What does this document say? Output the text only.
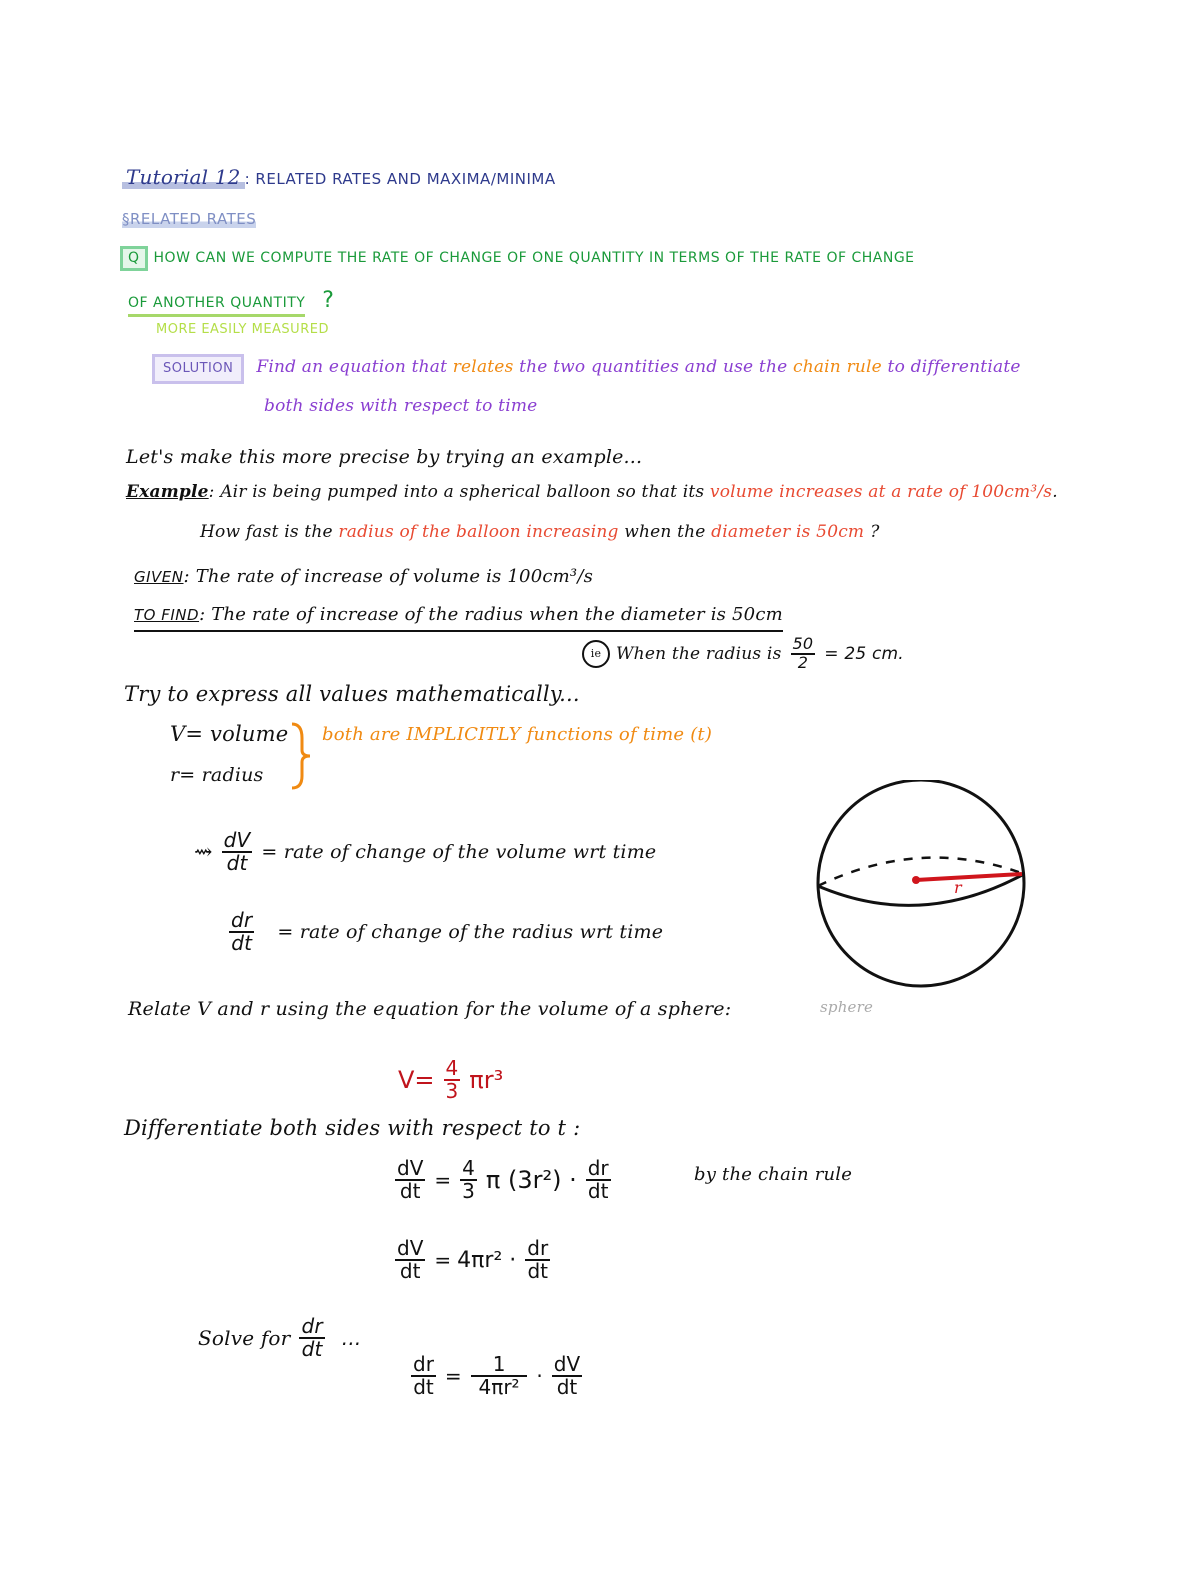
Tutorial 12 : RELATED RATES AND MAXIMA/MINIMA
§RELATED RATES
Q HOW CAN WE COMPUTE THE RATE OF CHANGE OF ONE QUANTITY IN TERMS OF THE RATE OF CHANGE
OF ANOTHER QUANTITY ?
MORE EASILY MEASURED
SOLUTION Find an equation that relates the two quantities and use the chain rule to differentiate
both sides with respect to time
Let's make this more precise by trying an example...
Example: Air is being pumped into a spherical balloon so that its volume increases at a rate of 100cm³/s.
How fast is the radius of the balloon increasing when the diameter is 50cm ?
GIVEN: The rate of increase of volume is 100cm³/s
TO FIND: The rate of increase of the radius when the diameter is 50cm
ie When the radius is $\frac{50}{2} = 25$ cm.
Try to express all values mathematically...
V= volume
r= radius
both are IMPLICITLY functions of time (t)
⇝ $\frac{dV}{dt}$ = rate of change of the volume wrt time
$\frac{dr}{dt}$ = rate of change of the radius wrt time
r
sphere
Relate V and r using the equation for the volume of a sphere:
$V= \frac{4}{3} \pi r^3$
Differentiate both sides with respect to t :
$\frac{dV}{dt} = \frac{4}{3}$ π $(3r^2) \cdot \frac{dr}{dt}$	by the chain rule
$\frac{dV}{dt} = 4\pi r^2 \cdot \frac{dr}{dt}$
Solve for $\frac{dr}{dt}$ ...
$\frac{dr}{dt} = \frac{1}{\text{4πr²}} \cdot \frac{dV}{dt}$
